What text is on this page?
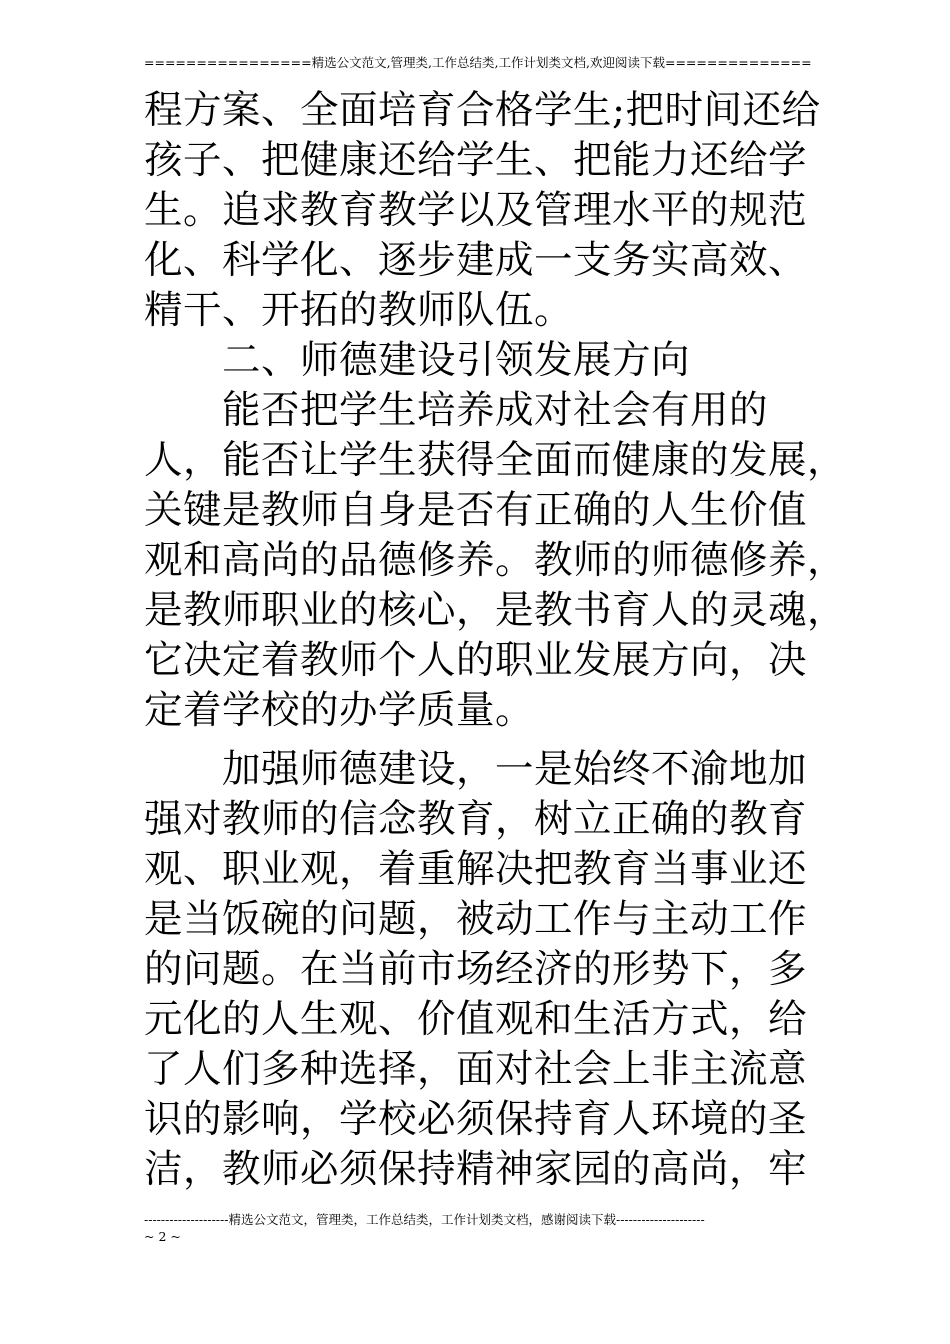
================精选公文范文,管理类,工作总结类,工作计划类文档,欢迎阅读下载==============
程方案、全面培育合格学生;把时间还给
孩子、把健康还给学生、把能力还给学
生。追求教育教学以及管理水平的规范
化、科学化、逐步建成一支务实高效、
精干、开拓的教师队伍。
　　二、师德建设引领发展方向
　　能否把学生培养成对社会有用的
人，能否让学生获得全面而健康的发展，
关键是教师自身是否有正确的人生价值
观和高尚的品德修养。教师的师德修养，
是教师职业的核心，是教书育人的灵魂，
它决定着教师个人的职业发展方向，决
定着学校的办学质量。
　　加强师德建设，一是始终不渝地加
强对教师的信念教育，树立正确的教育
观、职业观，着重解决把教育当事业还
是当饭碗的问题，被动工作与主动工作
的问题。在当前市场经济的形势下，多
元化的人生观、价值观和生活方式，给
了人们多种选择，面对社会上非主流意
识的影响，学校必须保持育人环境的圣
洁，教师必须保持精神家园的高尚，牢
--------------------精选公文范文，管理类，工作总结类，工作计划类文档，感谢阅读下载---------------------
~ 2 ~
